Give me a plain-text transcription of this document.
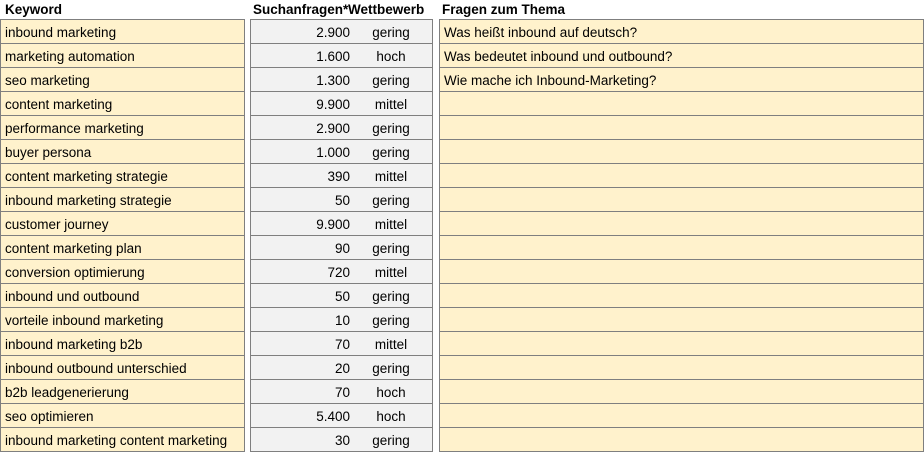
Keyword	Suchanfragen* Wettbewerb Fragen zum Thema
inbound marketing
marketing automation
seo marketing
content marketing
performance marketing
buyer persona
content marketing strategie
inbound marketing strategie
customer journey
content marketing plan
conversion optimierung
inbound und outbound
vorteile inbound marketing
inbound marketing b2b
inbound outbound unterschied
b2b leadgenerierung
seo optimieren
inbound marketing content marketing
2.900
1.600
1.300
9.900
2.900
1.000
390
50
9.900
90
720
50
10
70
20
70
5.400
30
gering
hoch
gering
mittel
gering
gering
mittel
gering
mittel
gering
mittel
gering
gering
mittel
gering
hoch
hoch
gering
Was heißt inbound auf deutsch?
Was bedeutet inbound und outbound?
Wie mache ich Inbound-Marketing?
